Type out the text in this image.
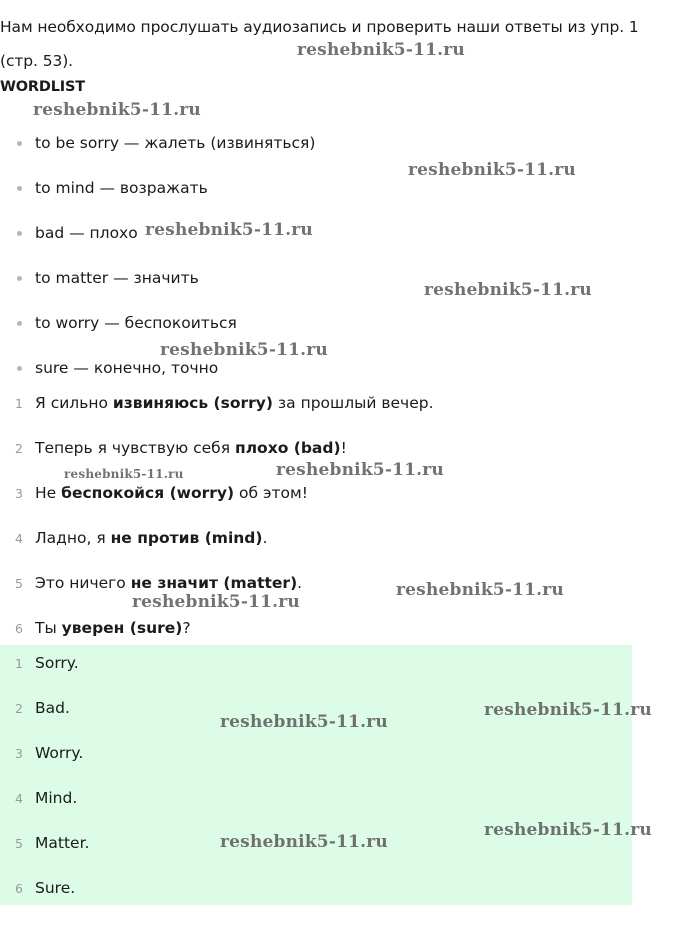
Нам необходимо прослушать аудиозапись и проверить наши ответы из упр. 1 (стр. 53).
WORDLIST
to be sorry — жалеть (извиняться)
to mind — возражать
bad — плохо
to matter — значить
to worry — беспокоиться
sure — конечно, точно
1 Я сильно извиняюсь (sorry) за прошлый вечер.
2 Теперь я чувствую себя плохо (bad)!
3 Не беспокойся (worry) об этом!
4 Ладно, я не против (mind).
5 Это ничего не значит (matter).
6 Ты уверен (sure)?
1 Sorry.
2 Bad.
3 Worry.
4 Mind.
5 Matter.
6 Sure.
reshebnik5-11.ru
reshebnik5-11.ru
reshebnik5-11.ru
reshebnik5-11.ru
reshebnik5-11.ru
reshebnik5-11.ru
reshebnik5-11.ru	reshebnik5-11.ru
reshebnik5-11.ru
reshebnik5-11.ru
reshebnik5-11.ru
reshebnik5-11.ru
reshebnik5-11.ru
reshebnik5-11.ru
